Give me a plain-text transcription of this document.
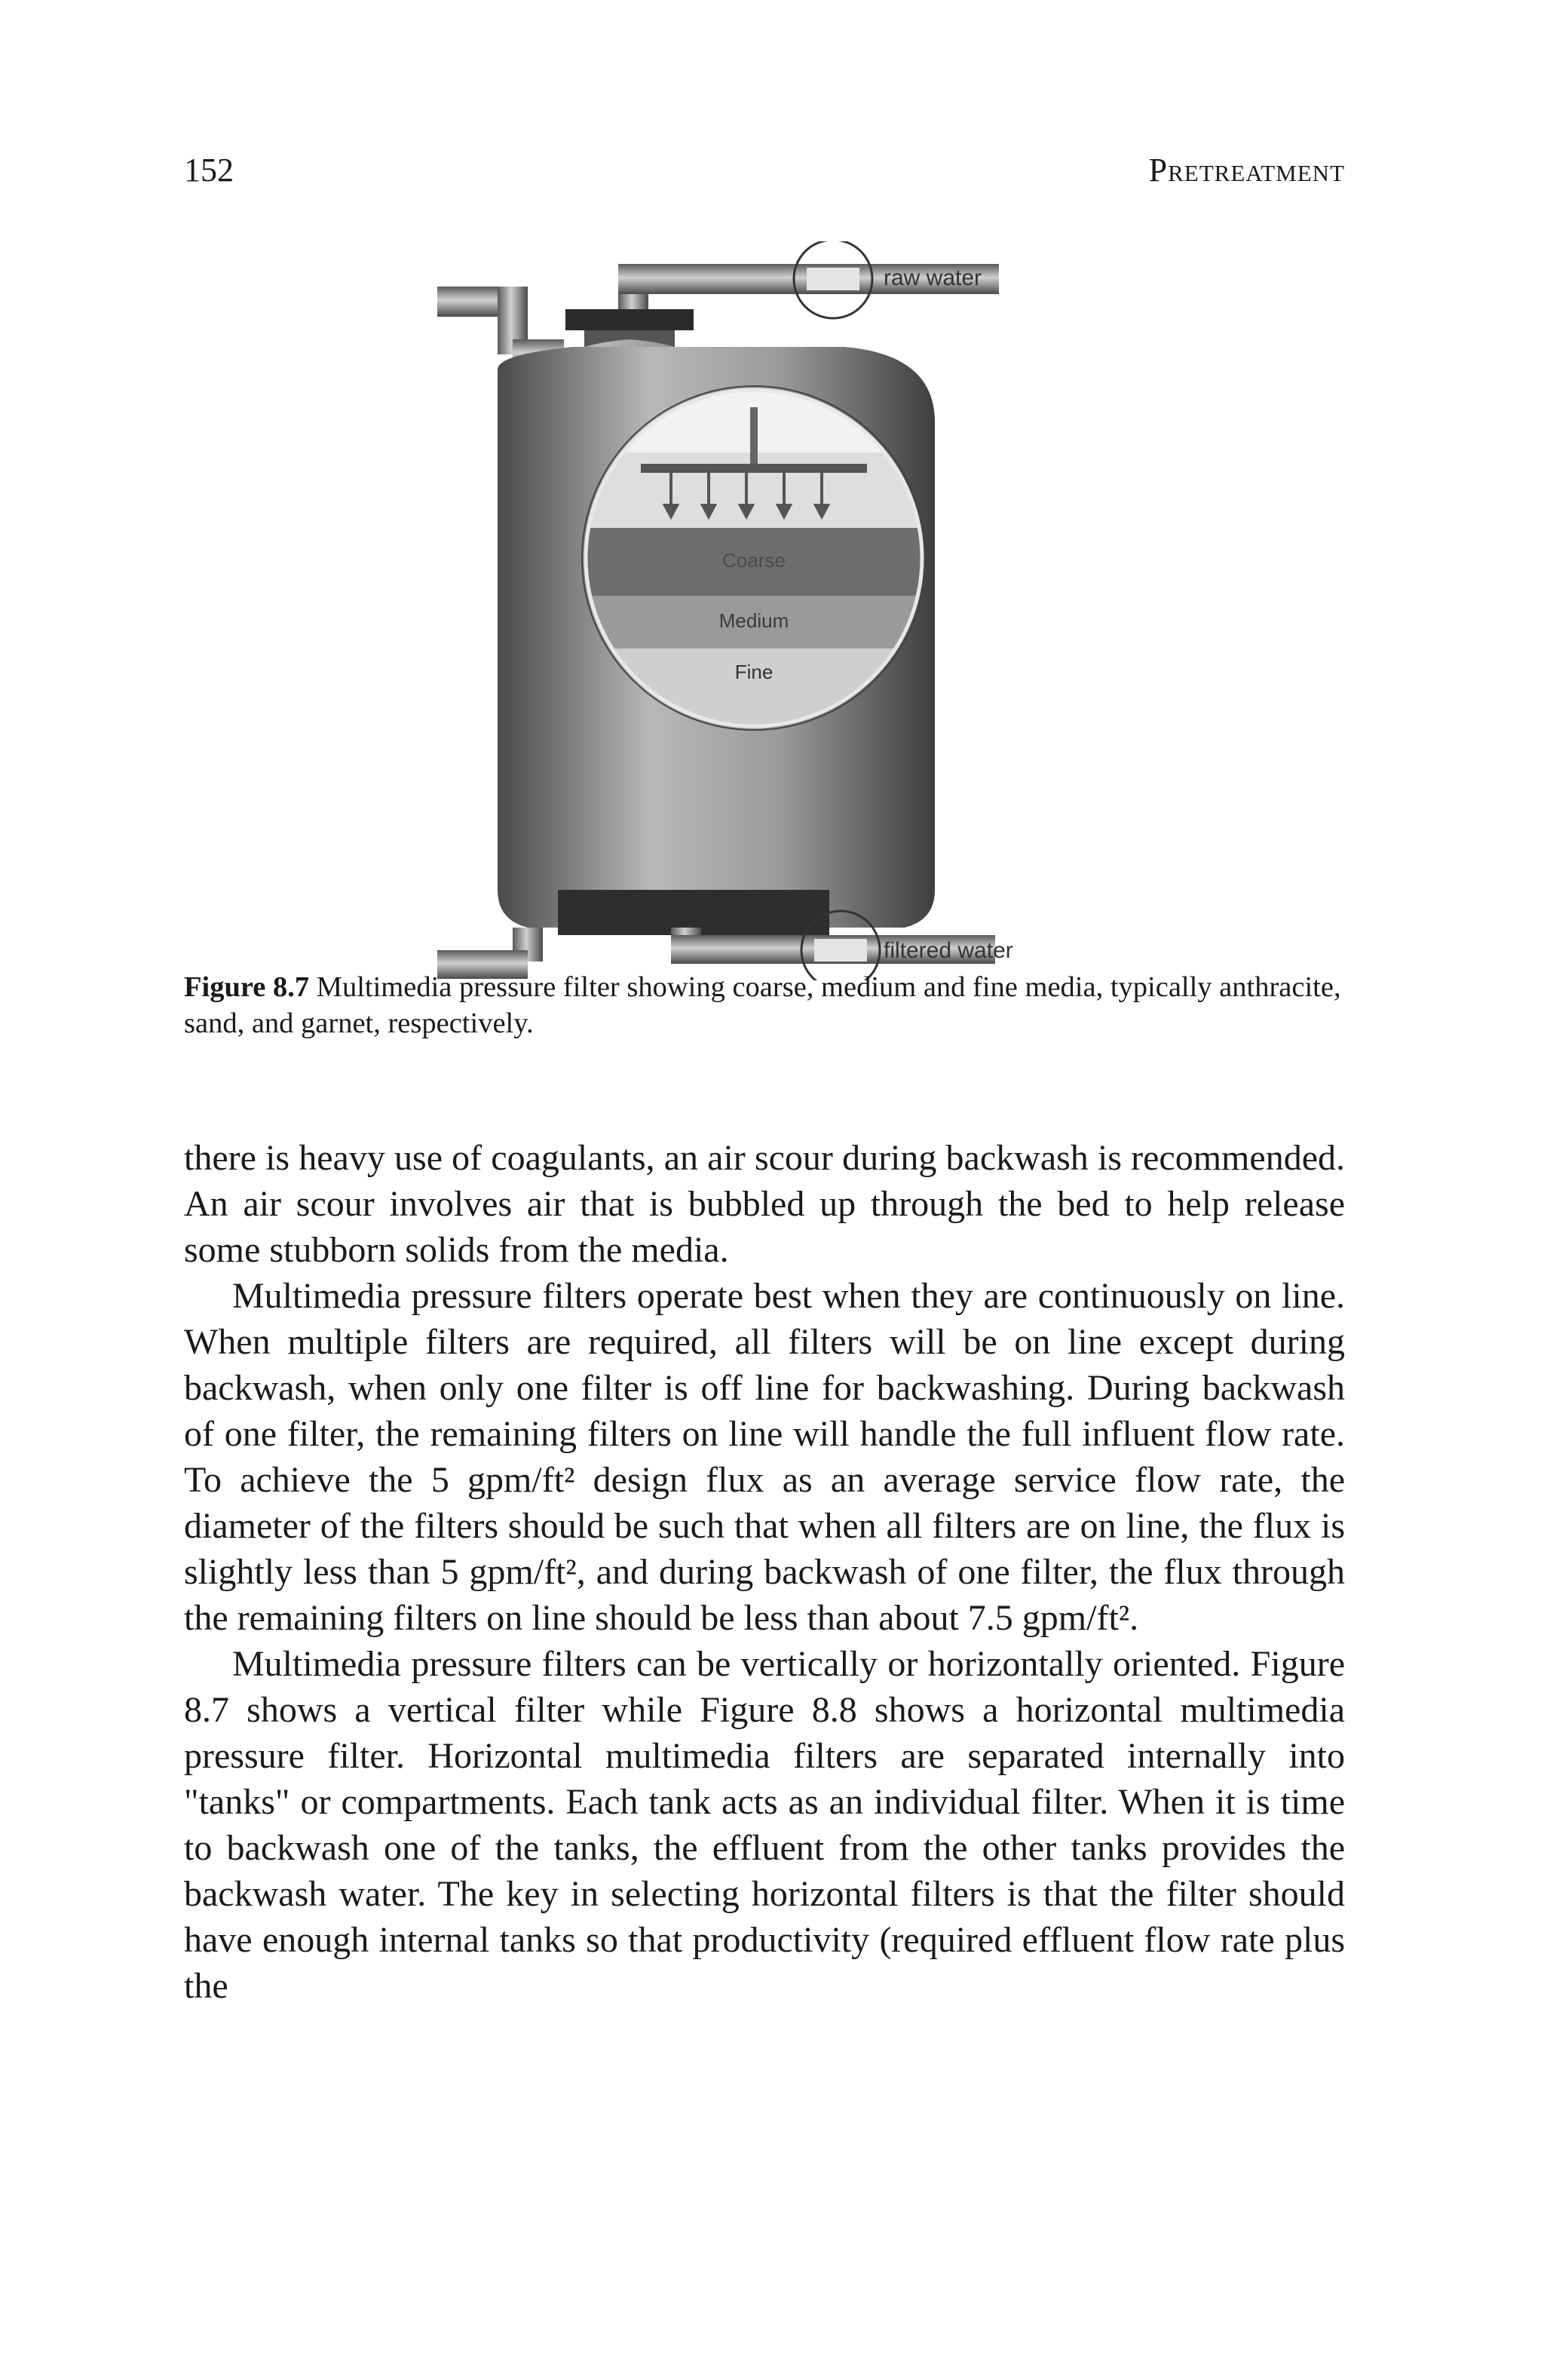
152	Pretreatment
raw water
Coarse
Medium
Fine
filtered water
Figure 8.7 Multimedia pressure filter showing coarse, medium and fine media, typically anthracite, sand, and garnet, respectively.

there is heavy use of coagulants, an air scour during backwash is recommended. An air scour involves air that is bubbled up through the bed to help release some stubborn solids from the media.

Multimedia pressure filters operate best when they are continuously on line. When multiple filters are required, all filters will be on line except during backwash, when only one filter is off line for backwashing. During backwash of one filter, the remaining filters on line will handle the full influent flow rate. To achieve the 5 gpm/ft² design flux as an average service flow rate, the diameter of the filters should be such that when all filters are on line, the flux is slightly less than 5 gpm/ft², and during backwash of one filter, the flux through the remaining filters on line should be less than about 7.5 gpm/ft².

Multimedia pressure filters can be vertically or horizontally oriented. Figure 8.7 shows a vertical filter while Figure 8.8 shows a horizontal multimedia pressure filter. Horizontal multimedia filters are separated internally into "tanks" or compartments. Each tank acts as an individual filter. When it is time to backwash one of the tanks, the effluent from the other tanks provides the backwash water. The key in selecting horizontal filters is that the filter should have enough internal tanks so that productivity (required effluent flow rate plus the
